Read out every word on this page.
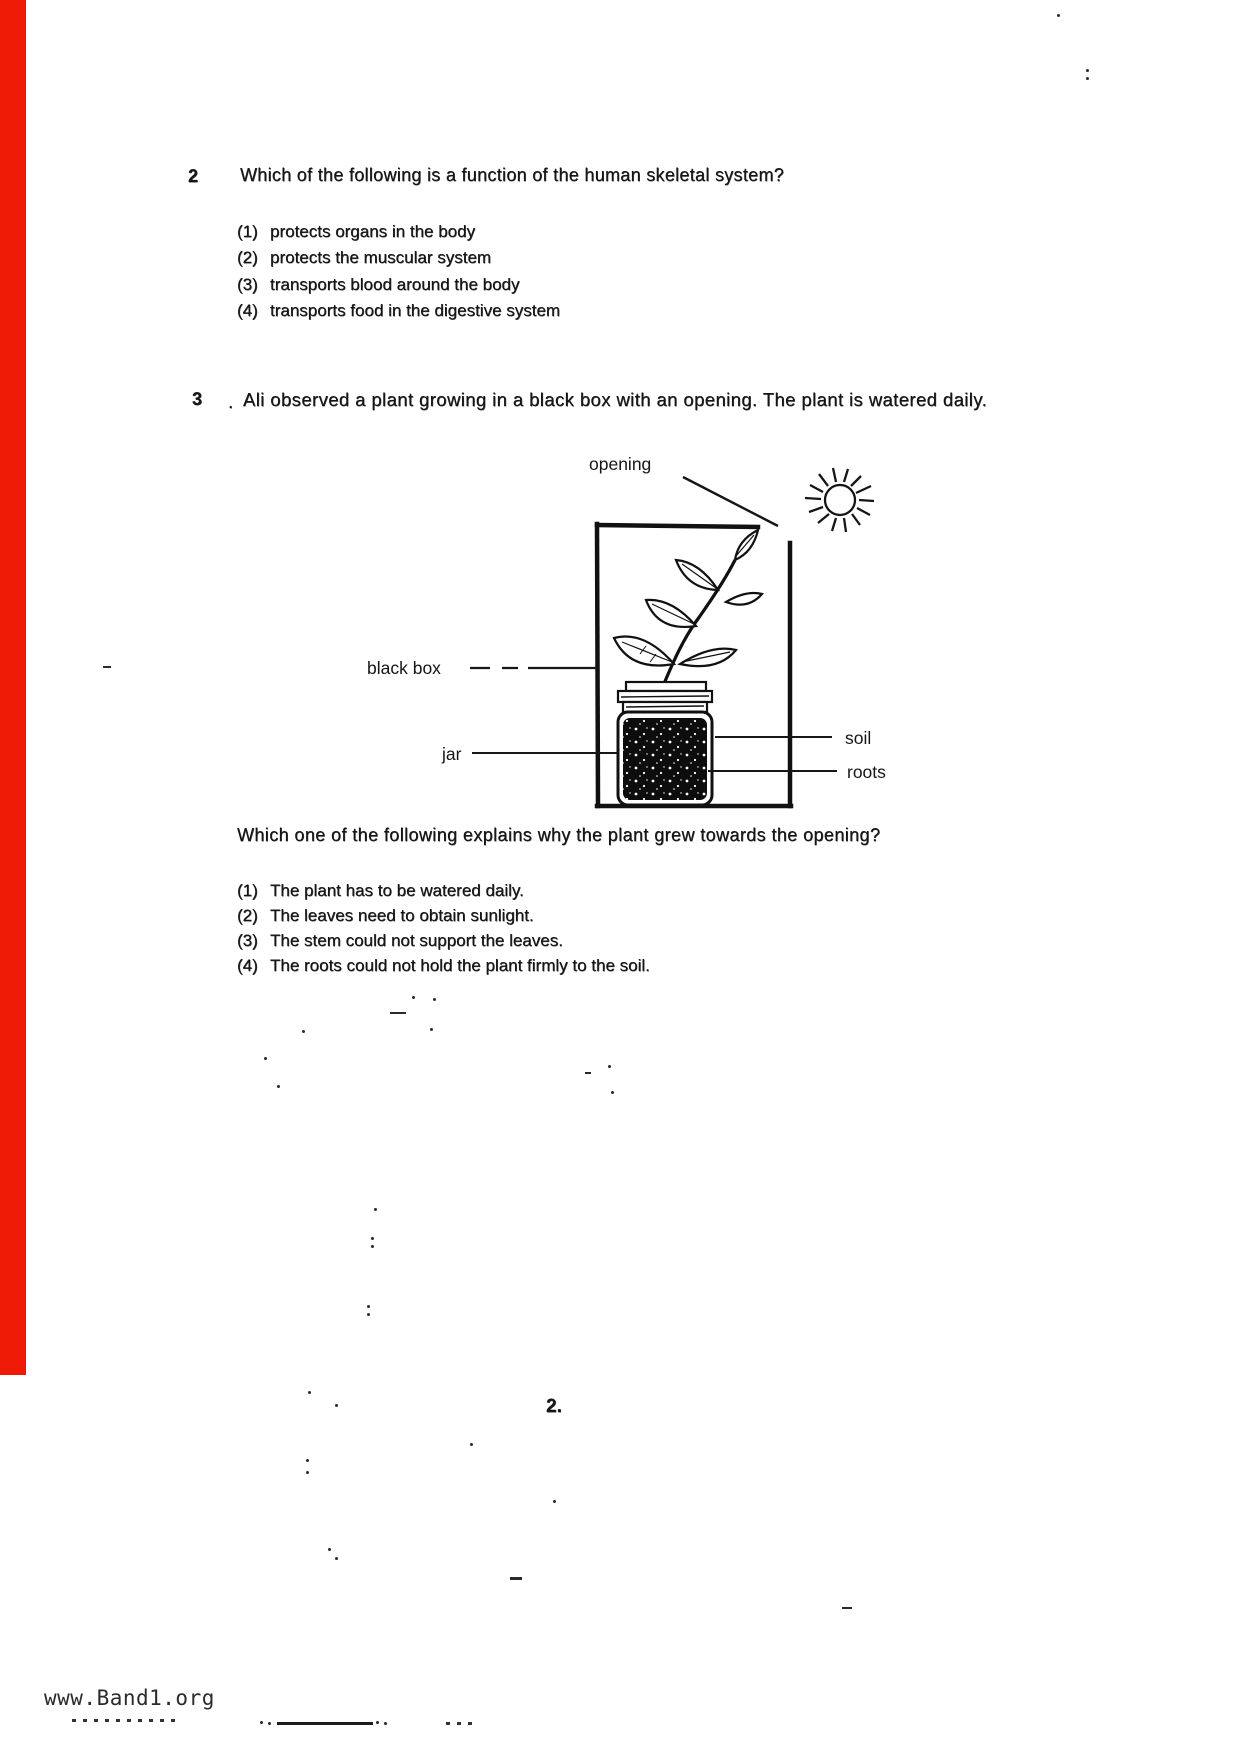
2 Which of the following is a function of the human skeletal system?
(1) protects organs in the body
(2) protects the muscular system
(3) transports blood around the body
(4) transports food in the digestive system
3 . Ali observed a plant growing in a black box with an opening. The plant is watered daily.
opening
black box
jar
soil
roots
Which one of the following explains why the plant grew towards the opening?
(1) The plant has to be watered daily.
(2) The leaves need to obtain sunlight.
(3) The stem could not support the leaves.
(4) The roots could not hold the plant firmly to the soil.
2.
www.Band1.org
